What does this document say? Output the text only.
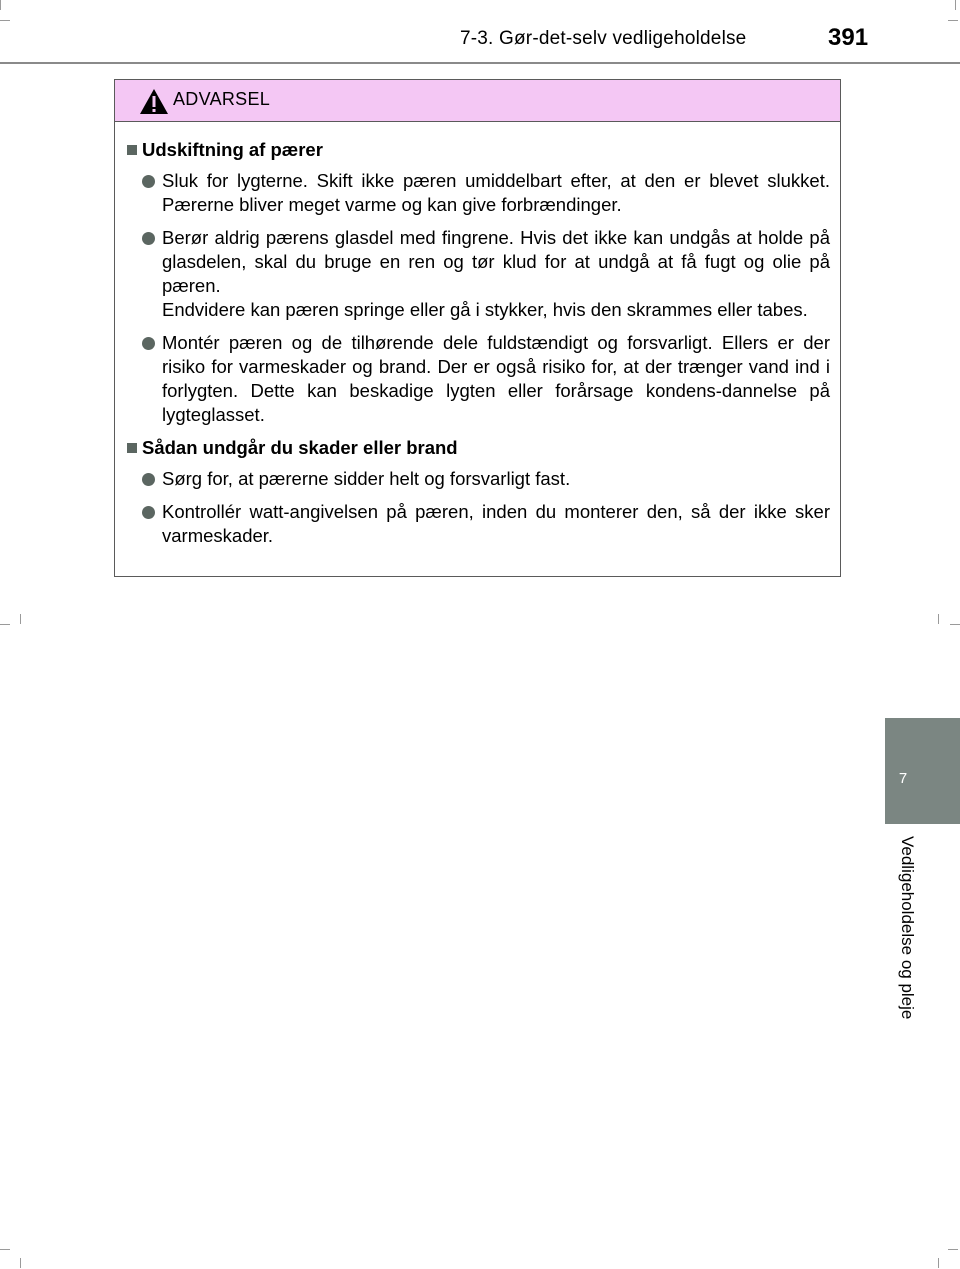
7-3. Gør-det-selv vedligeholdelse	391
7
Vedligeholdelse og pleje
ADVARSEL
Udskiftning af pærer

Sluk for lygterne. Skift ikke pæren umiddelbart efter, at den er blevet slukket. Pærerne bliver meget varme og kan give forbrændinger.

Berør aldrig pærens glasdel med fingrene. Hvis det ikke kan undgås at holde på glasdelen, skal du bruge en ren og tør klud for at undgå at få fugt og olie på pæren.

Endvidere kan pæren springe eller gå i stykker, hvis den skrammes eller tabes.

Montér pæren og de tilhørende dele fuldstændigt og forsvarligt. Ellers er der risiko for varmeskader og brand. Der er også risiko for, at der trænger vand ind i forlygten. Dette kan beskadige lygten eller forårsage kondens-dannelse på lygteglasset.

Sådan undgår du skader eller brand

Sørg for, at pærerne sidder helt og forsvarligt fast.

Kontrollér watt-angivelsen på pæren, inden du monterer den, så der ikke sker varmeskader.
